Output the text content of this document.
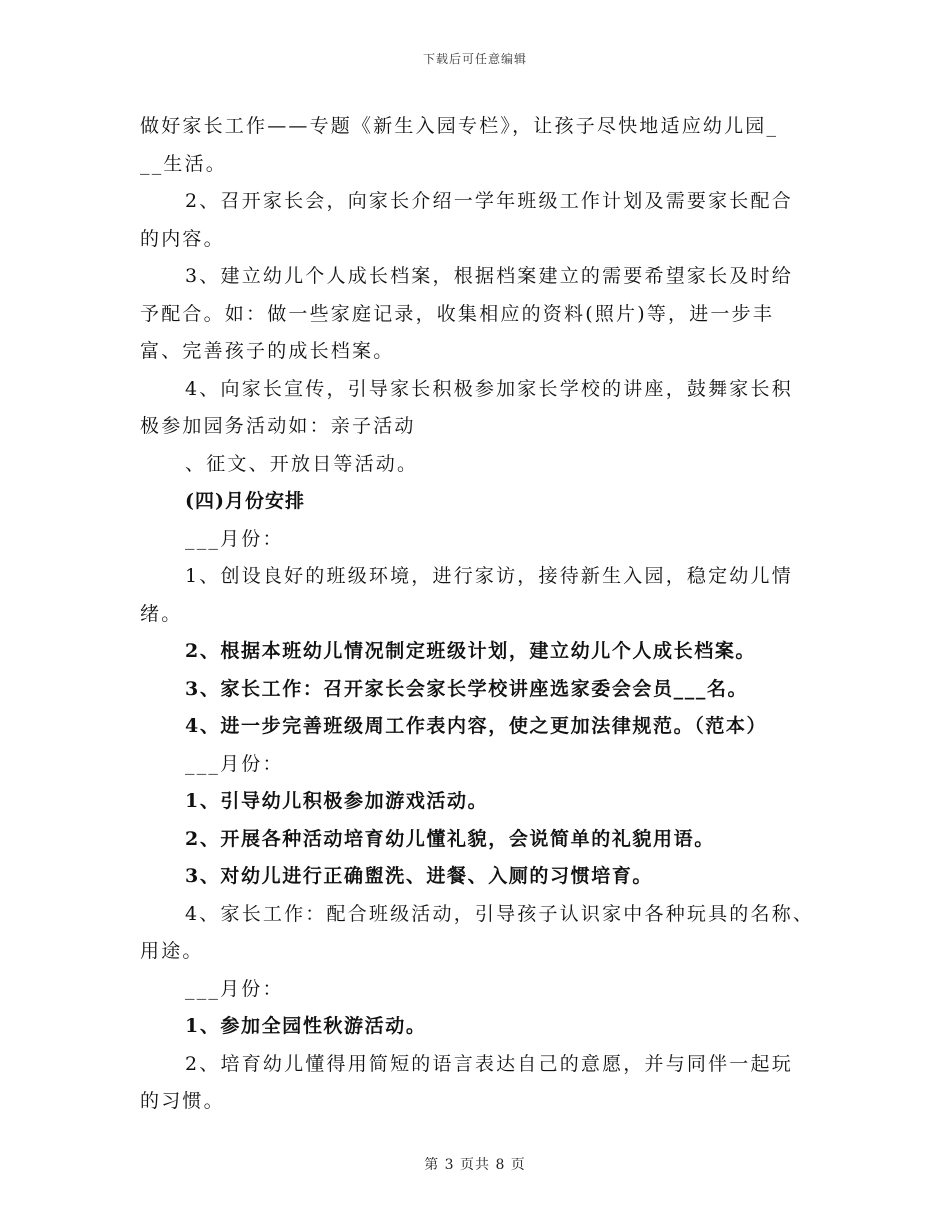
下载后可任意编辑
做好家长工作——专题《新生入园专栏》，让孩子尽快地适应幼儿园_
__生活。
2、召开家长会，向家长介绍一学年班级工作计划及需要家长配合
的内容。
3、建立幼儿个人成长档案，根据档案建立的需要希望家长及时给
予配合。如：做一些家庭记录，收集相应的资料(照片)等，进一步丰
富、完善孩子的成长档案。
4、向家长宣传，引导家长积极参加家长学校的讲座，鼓舞家长积
极参加园务活动如：亲子活动
、征文、开放日等活动。
(四)月份安排
___月份：
1、创设良好的班级环境，进行家访，接待新生入园，稳定幼儿情
绪。
2、根据本班幼儿情况制定班级计划，建立幼儿个人成长档案。
3、家长工作：召开家长会家长学校讲座选家委会会员___名。
4、进一步完善班级周工作表内容，使之更加法律规范。（范本）
___月份：
1、引导幼儿积极参加游戏活动。
2、开展各种活动培育幼儿懂礼貌，会说简单的礼貌用语。
3、对幼儿进行正确盥洗、进餐、入厕的习惯培育。
4、家长工作：配合班级活动，引导孩子认识家中各种玩具的名称、
用途。
___月份：
1、参加全园性秋游活动。
2、培育幼儿懂得用简短的语言表达自己的意愿，并与同伴一起玩
的习惯。
第 3 页共 8 页
